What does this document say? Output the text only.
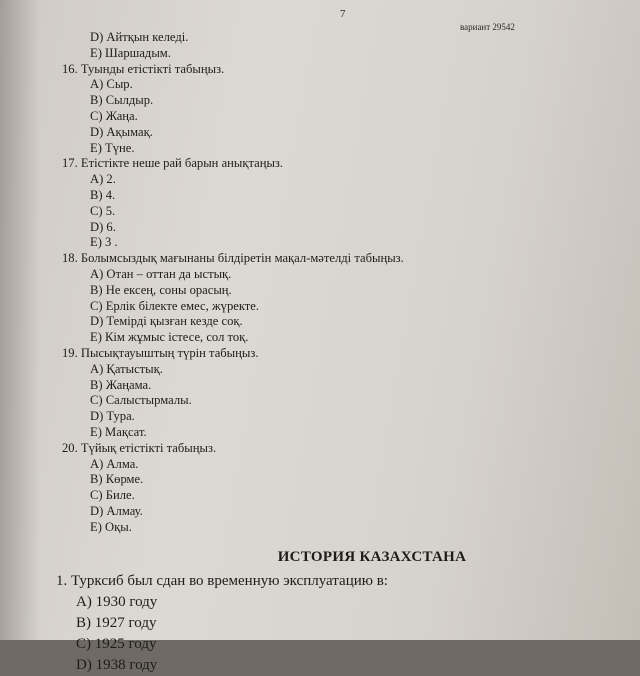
7
вариант 29542
D) Айтқын келеді.
E) Шаршадым.
16. Туынды етістікті табыңыз.
A) Сыр.
B) Сылдыр.
C) Жаңа.
D) Ақымақ.
E) Түне.
17. Етістікте неше рай барын анықтаңыз.
A) 2.
B) 4.
C) 5.
D) 6.
E) 3 .
18. Болымсыздық мағынаны білдіретін мақал-мәтелді табыңыз.
A) Отан – оттан да ыстық.
B) Не ексең, соны орасың.
C) Ерлік білекте емес, жүректе.
D) Темірді қызған кезде соқ.
E) Кім жұмыс істесе, сол тоқ.
19. Пысықтауыштың түрін табыңыз.
A) Қатыстық.
B) Жаңама.
C) Салыстырмалы.
D) Тура.
E) Мақсат.
20. Түйық етістікті табыңыз.
A) Алма.
B) Көрме.
C) Биле.
D) Алмау.
E) Оқы.
ИСТОРИЯ КАЗАХСТАНА
1. Турксиб был сдан во временную эксплуатацию в:
A) 1930 году
B) 1927 году
C) 1925 году
D) 1938 году
